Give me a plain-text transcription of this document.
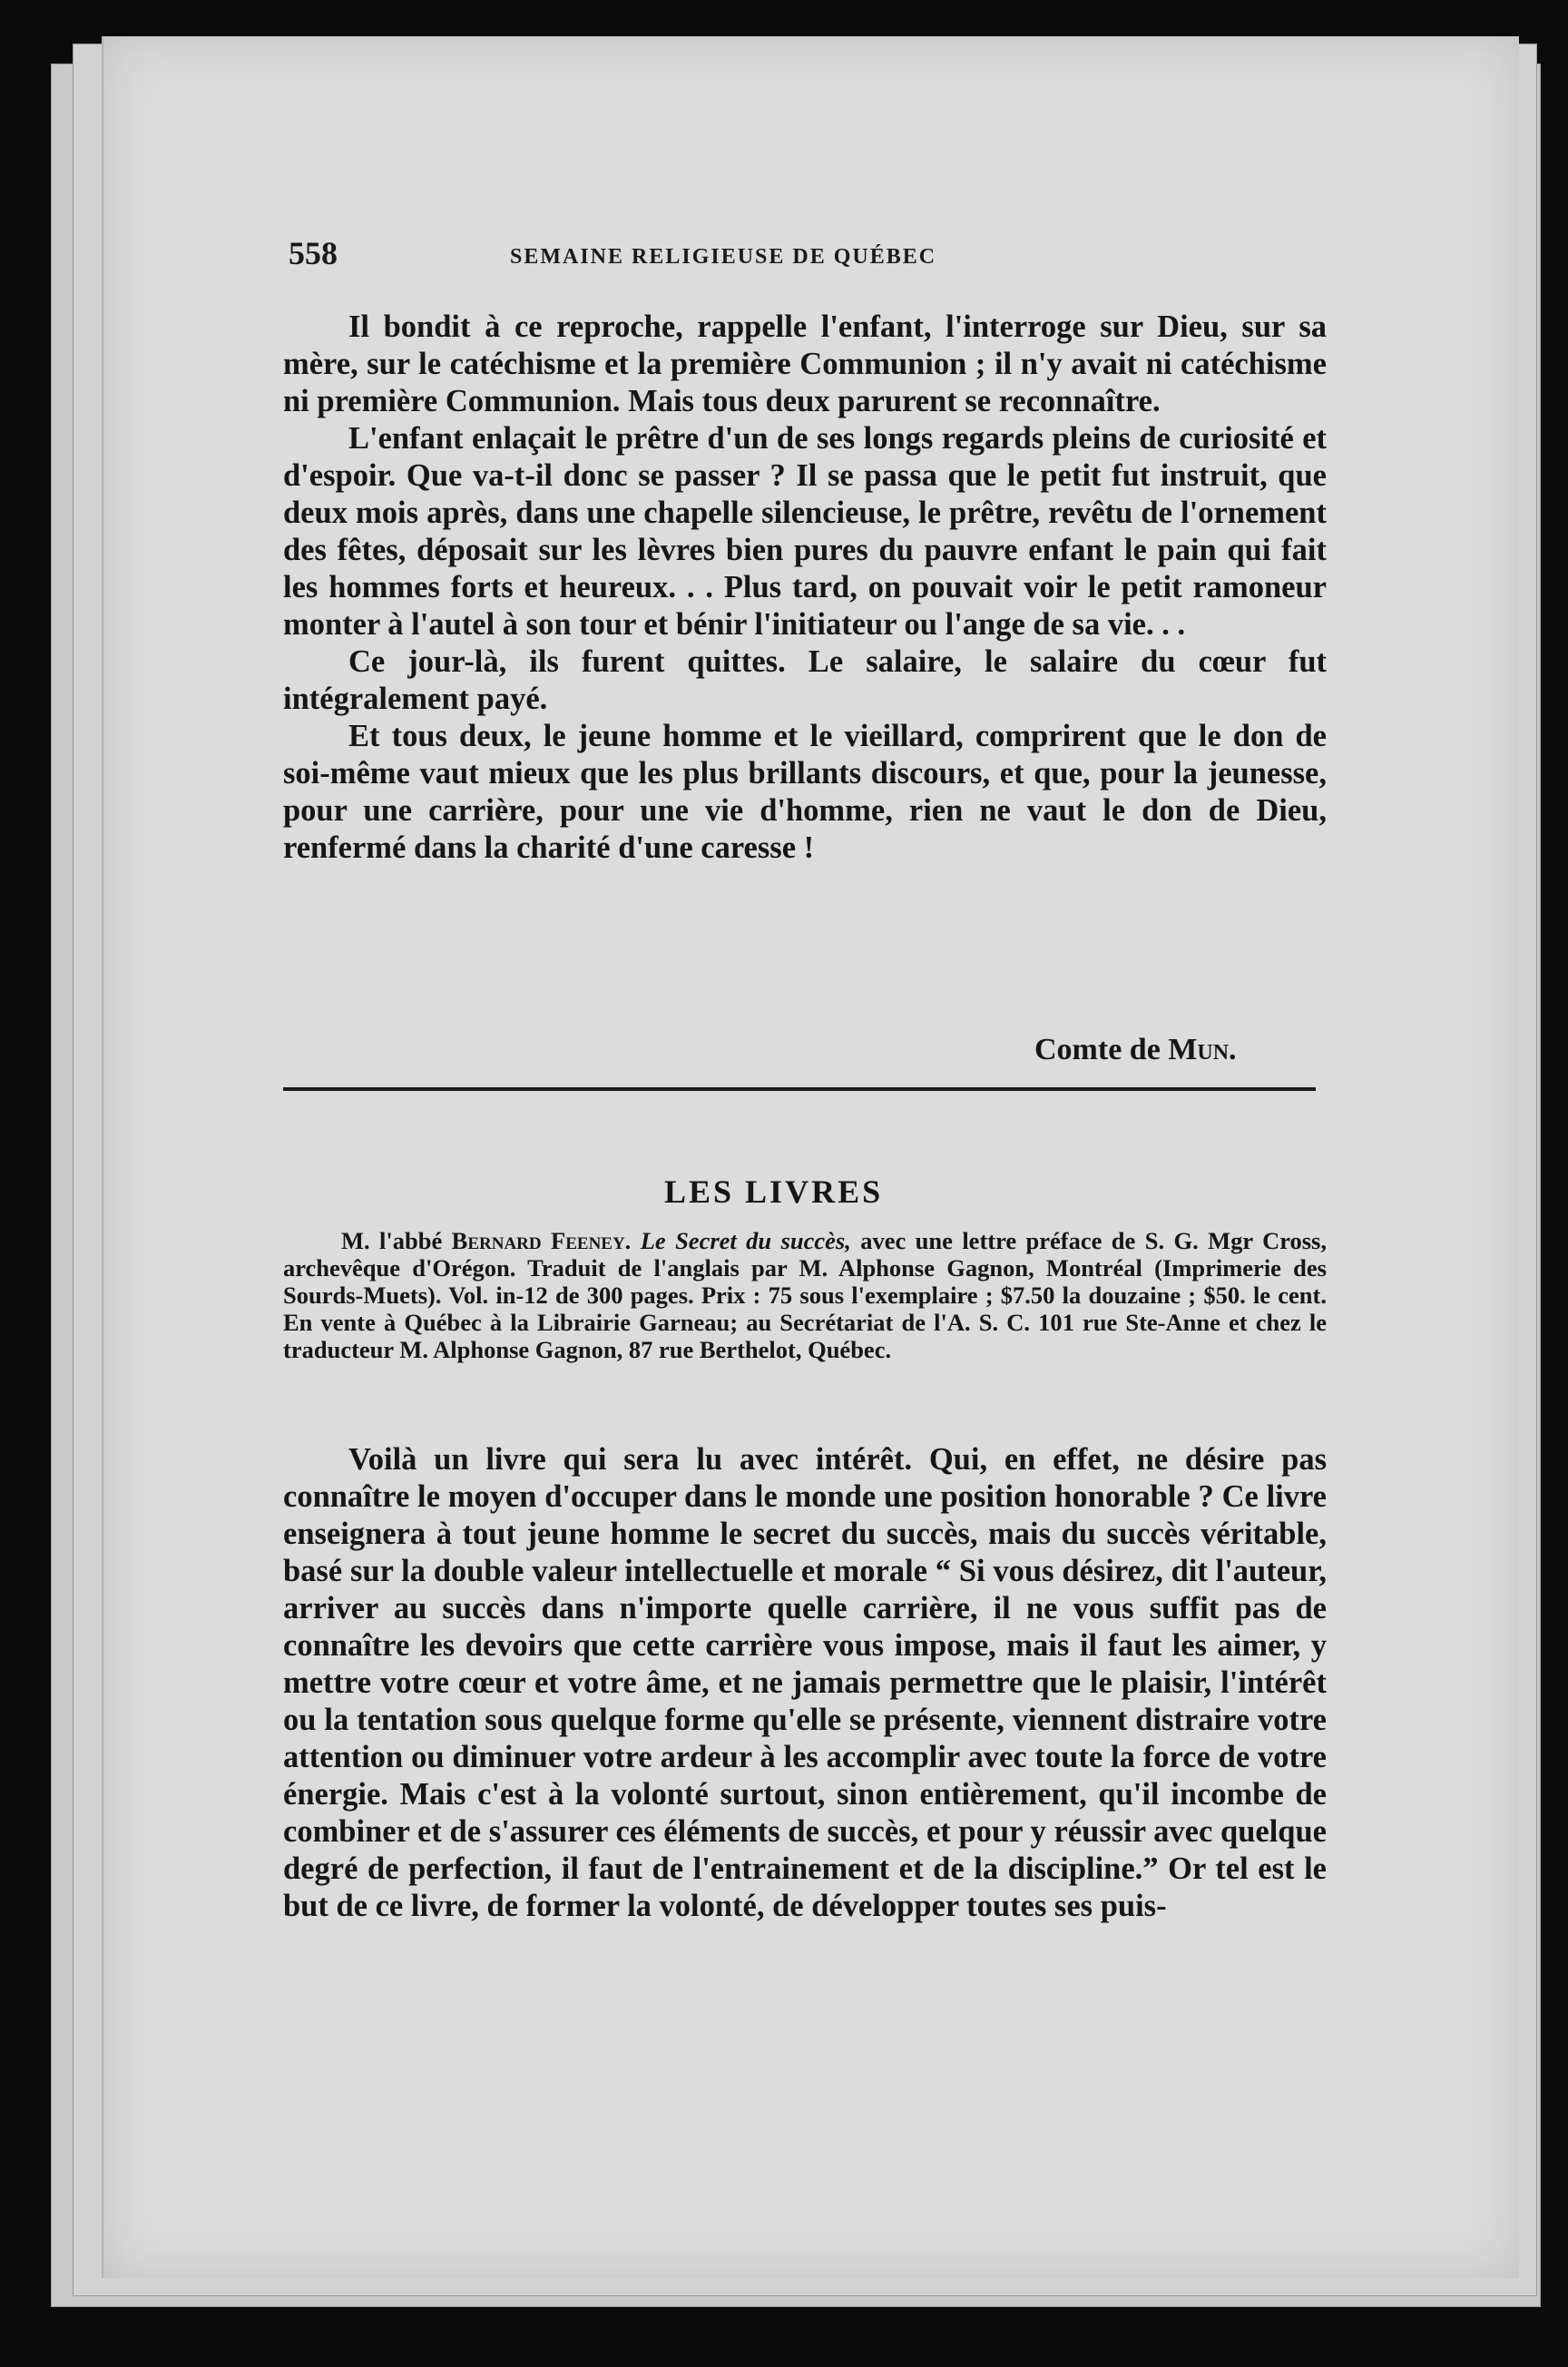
558	SEMAINE RELIGIEUSE DE QUÉBEC

Il bondit à ce reproche, rappelle l'enfant, l'interroge sur Dieu, sur sa mère, sur le catéchisme et la première Communion ; il n'y avait ni catéchisme ni première Communion. Mais tous deux parurent se reconnaître.

L'enfant enlaçait le prêtre d'un de ses longs regards pleins de curiosité et d'espoir. Que va-t-il donc se passer ? Il se passa que le petit fut instruit, que deux mois après, dans une chapelle silencieuse, le prêtre, revêtu de l'ornement des fêtes, déposait sur les lèvres bien pures du pauvre enfant le pain qui fait les hommes forts et heureux. . . Plus tard, on pouvait voir le petit ramoneur monter à l'autel à son tour et bénir l'initiateur ou l'ange de sa vie. . .

Ce jour-là, ils furent quittes. Le salaire, le salaire du cœur fut intégralement payé.

Et tous deux, le jeune homme et le vieillard, comprirent que le don de soi-même vaut mieux que les plus brillants discours, et que, pour la jeunesse, pour une carrière, pour une vie d'homme, rien ne vaut le don de Dieu, renfermé dans la charité d'une caresse !

Comte de Mun.
LES LIVRES

M. l'abbé Bernard Feeney. Le Secret du succès, avec une lettre préface de S. G. Mgr Cross, archevêque d'Orégon. Traduit de l'anglais par M. Alphonse Gagnon, Montréal (Imprimerie des Sourds-Muets). Vol. in-12 de 300 pages. Prix : 75 sous l'exemplaire ; $7.50 la douzaine ; $50. le cent. En vente à Québec à la Librairie Garneau; au Secrétariat de l'A. S. C. 101 rue Ste-Anne et chez le traducteur M. Alphonse Gagnon, 87 rue Berthelot, Québec.

Voilà un livre qui sera lu avec intérêt. Qui, en effet, ne désire pas connaître le moyen d'occuper dans le monde une position honorable ? Ce livre enseignera à tout jeune homme le secret du succès, mais du succès véritable, basé sur la double valeur intellectuelle et morale “ Si vous désirez, dit l'auteur, arriver au succès dans n'importe quelle carrière, il ne vous suffit pas de connaître les devoirs que cette carrière vous impose, mais il faut les aimer, y mettre votre cœur et votre âme, et ne jamais permettre que le plaisir, l'intérêt ou la tentation sous quelque forme qu'elle se présente, viennent distraire votre attention ou diminuer votre ardeur à les accomplir avec toute la force de votre énergie. Mais c'est à la volonté surtout, sinon entièrement, qu'il incombe de combiner et de s'assurer ces éléments de succès, et pour y réussir avec quelque degré de perfection, il faut de l'entrainement et de la discipline.” Or tel est le but de ce livre, de former la volonté, de développer toutes ses puis-
